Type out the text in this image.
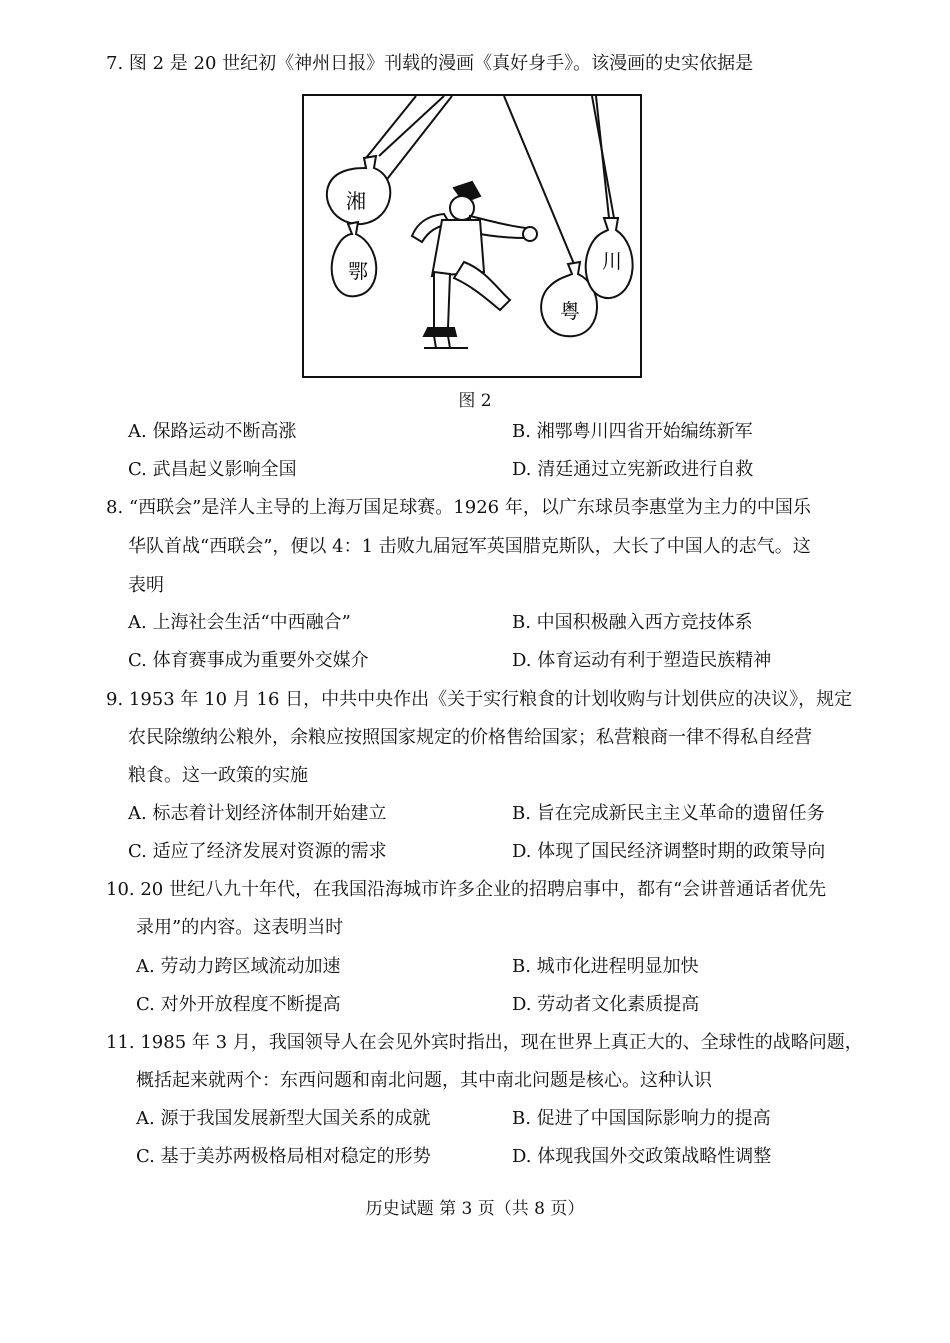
7. 图 2 是 20 世纪初《神州日报》刊载的漫画《真好身手》。该漫画的史实依据是
湘
鄂
粤
川
图 2
A. 保路运动不断高涨	B. 湘鄂粤川四省开始编练新军
C. 武昌起义影响全国	D. 清廷通过立宪新政进行自救
8. “西联会”是洋人主导的上海万国足球赛。1926 年，以广东球员李惠堂为主力的中国乐
华队首战“西联会”，便以 4：1 击败九届冠军英国腊克斯队，大长了中国人的志气。这
表明
A. 上海社会生活“中西融合”	B. 中国积极融入西方竞技体系
C. 体育赛事成为重要外交媒介	D. 体育运动有利于塑造民族精神
9. 1953 年 10 月 16 日，中共中央作出《关于实行粮食的计划收购与计划供应的决议》，规定
农民除缴纳公粮外，余粮应按照国家规定的价格售给国家；私营粮商一律不得私自经营
粮食。这一政策的实施
A. 标志着计划经济体制开始建立	B. 旨在完成新民主主义革命的遗留任务
C. 适应了经济发展对资源的需求	D. 体现了国民经济调整时期的政策导向
10. 20 世纪八九十年代，在我国沿海城市许多企业的招聘启事中，都有“会讲普通话者优先
录用”的内容。这表明当时
A. 劳动力跨区域流动加速	B. 城市化进程明显加快
C. 对外开放程度不断提高	D. 劳动者文化素质提高
11. 1985 年 3 月，我国领导人在会见外宾时指出，现在世界上真正大的、全球性的战略问题，
概括起来就两个：东西问题和南北问题，其中南北问题是核心。这种认识
A. 源于我国发展新型大国关系的成就	B. 促进了中国国际影响力的提高
C. 基于美苏两极格局相对稳定的形势	D. 体现我国外交政策战略性调整
历史试题 第 3 页（共 8 页）
